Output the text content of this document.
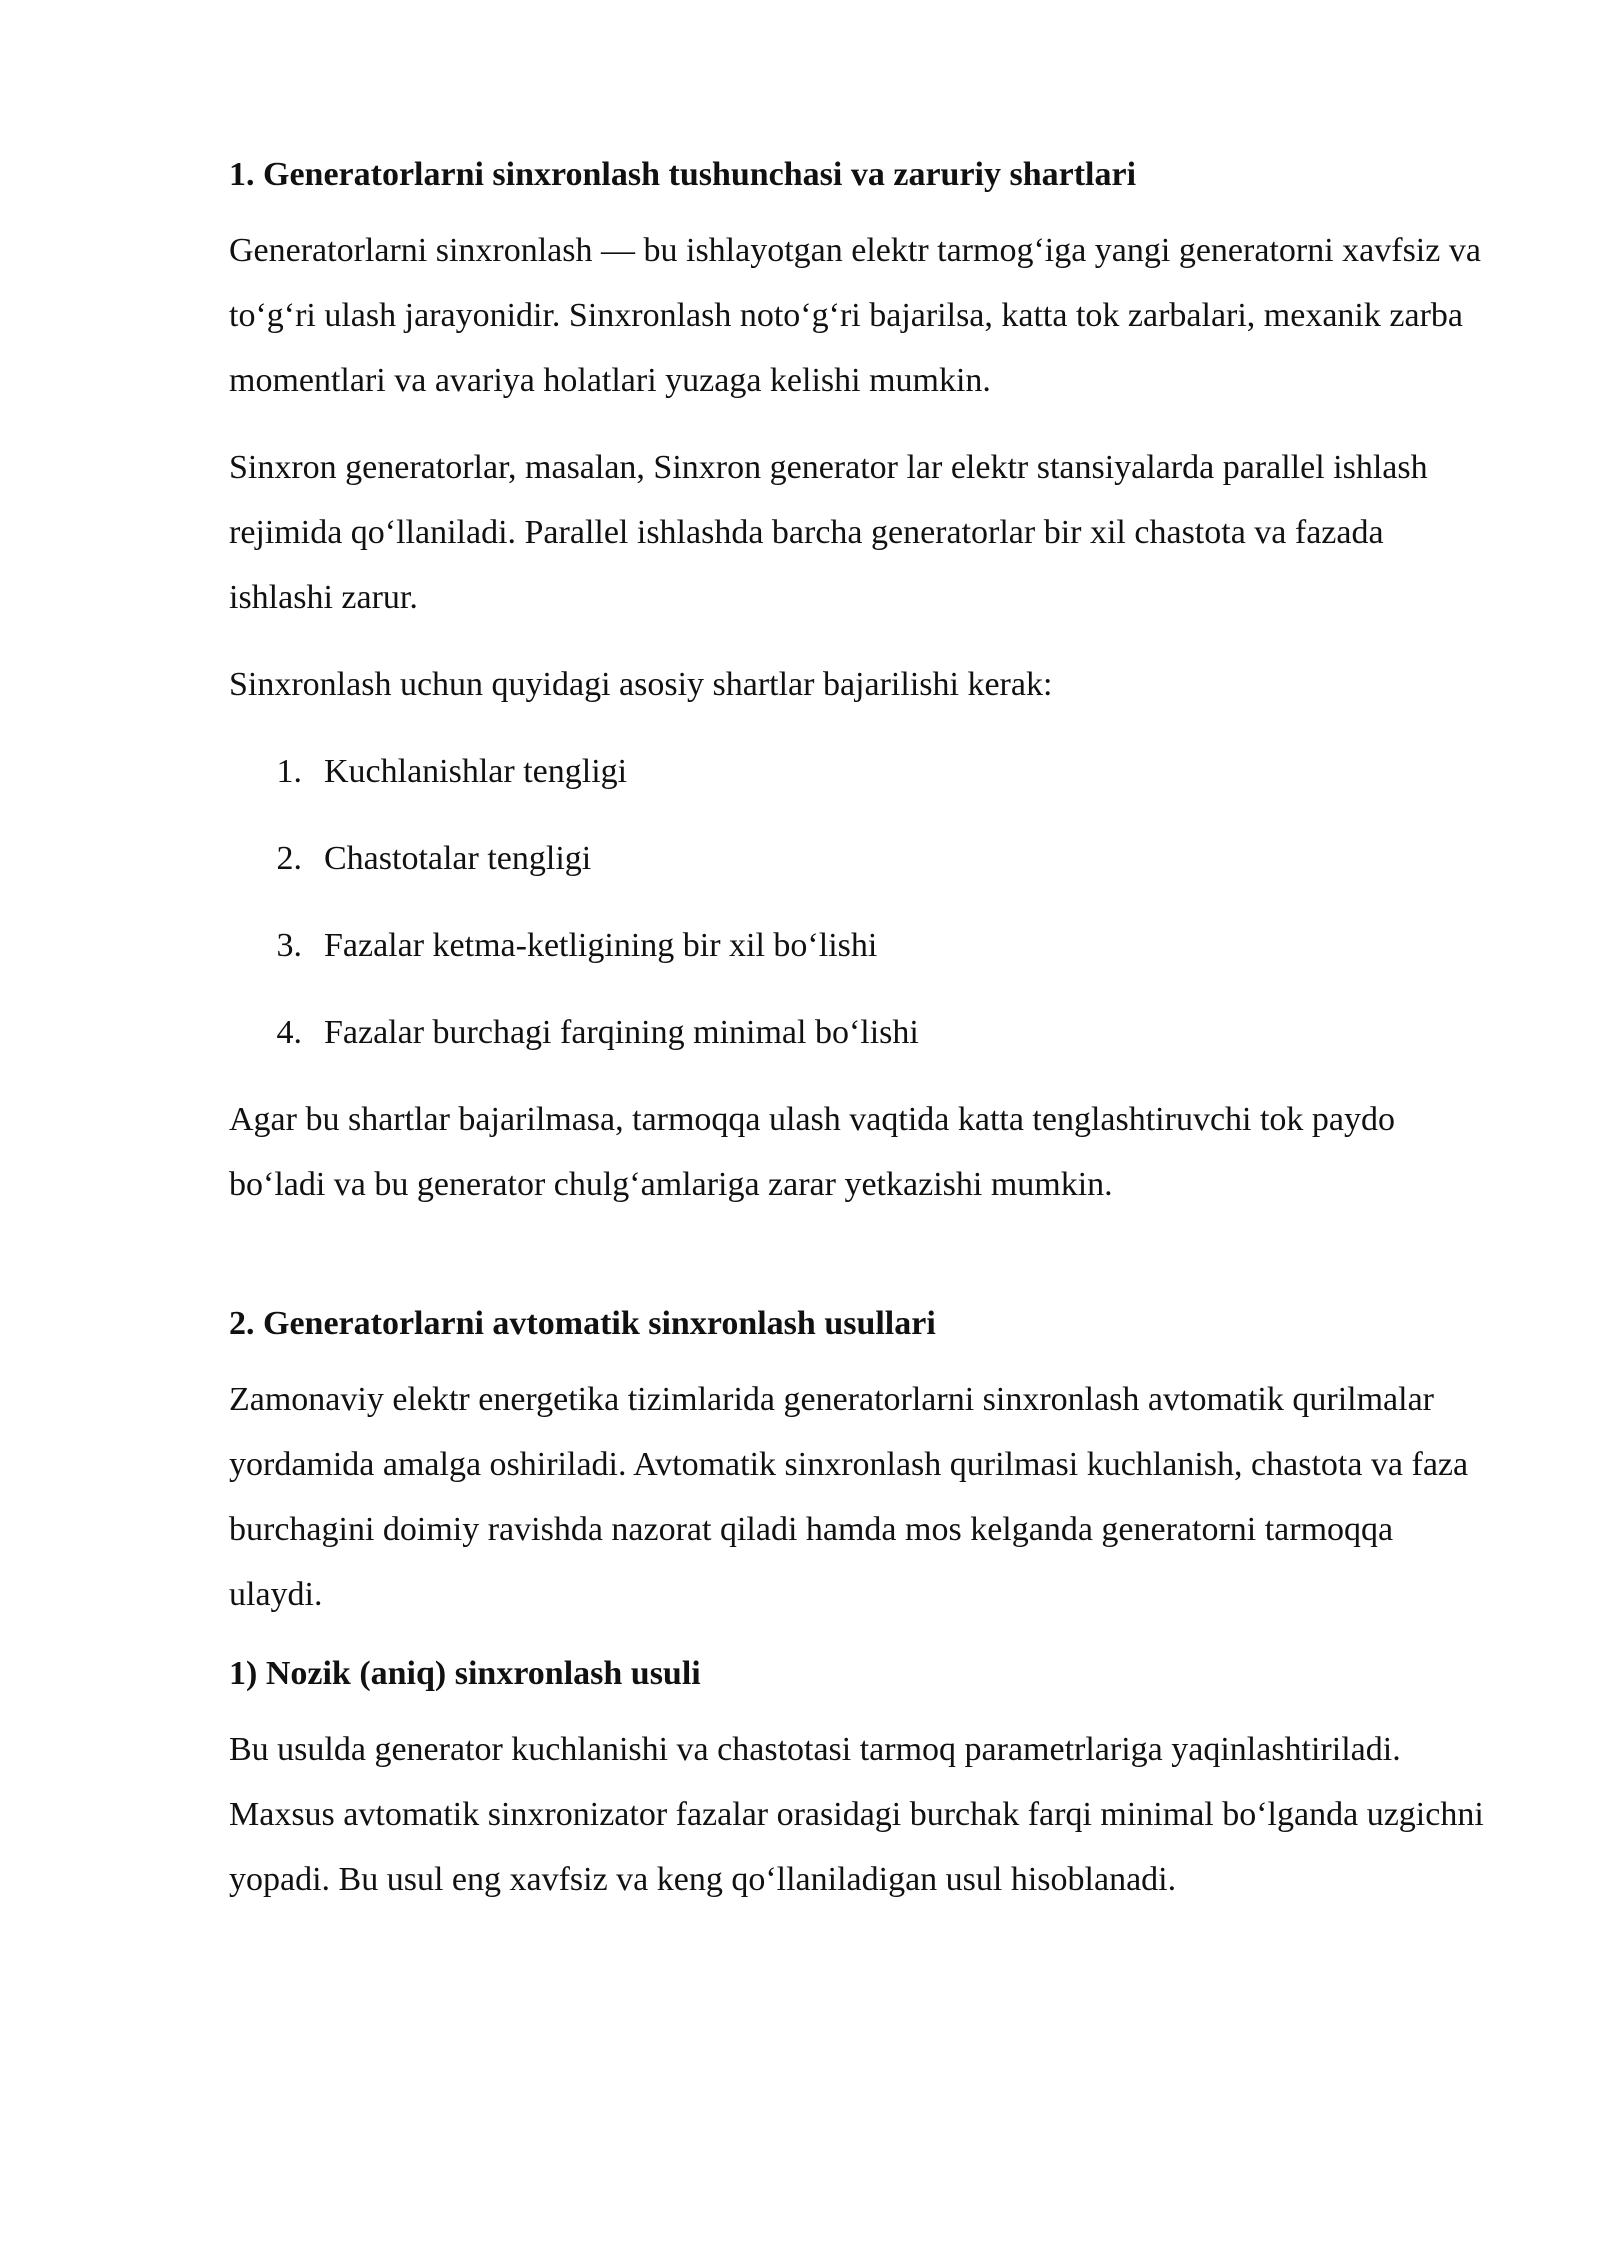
1. Generatorlarni sinxronlash tushunchasi va zaruriy shartlari
Generatorlarni sinxronlash — bu ishlayotgan elektr tarmog‘iga yangi generatorni xavfsiz va to‘g‘ri ulash jarayonidir. Sinxronlash noto‘g‘ri bajarilsa, katta tok zarbalari, mexanik zarba momentlari va avariya holatlari yuzaga kelishi mumkin.
Sinxron generatorlar, masalan, Sinxron generator lar elektr stansiyalarda parallel ishlash rejimida qo‘llaniladi. Parallel ishlashda barcha generatorlar bir xil chastota va fazada ishlashi zarur.
Sinxronlash uchun quyidagi asosiy shartlar bajarilishi kerak:
1. Kuchlanishlar tengligi
2. Chastotalar tengligi
3. Fazalar ketma-ketligining bir xil bo‘lishi
4. Fazalar burchagi farqining minimal bo‘lishi
Agar bu shartlar bajarilmasa, tarmoqqa ulash vaqtida katta tenglashtiruvchi tok paydo bo‘ladi va bu generator chulg‘amlariga zarar yetkazishi mumkin.
2. Generatorlarni avtomatik sinxronlash usullari
Zamonaviy elektr energetika tizimlarida generatorlarni sinxronlash avtomatik qurilmalar yordamida amalga oshiriladi. Avtomatik sinxronlash qurilmasi kuchlanish, chastota va faza burchagini doimiy ravishda nazorat qiladi hamda mos kelganda generatorni tarmoqqa ulaydi.
1) Nozik (aniq) sinxronlash usuli
Bu usulda generator kuchlanishi va chastotasi tarmoq parametrlariga yaqinlashtiriladi. Maxsus avtomatik sinxronizator fazalar orasidagi burchak farqi minimal bo‘lganda uzgichni yopadi. Bu usul eng xavfsiz va keng qo‘llaniladigan usul hisoblanadi.
